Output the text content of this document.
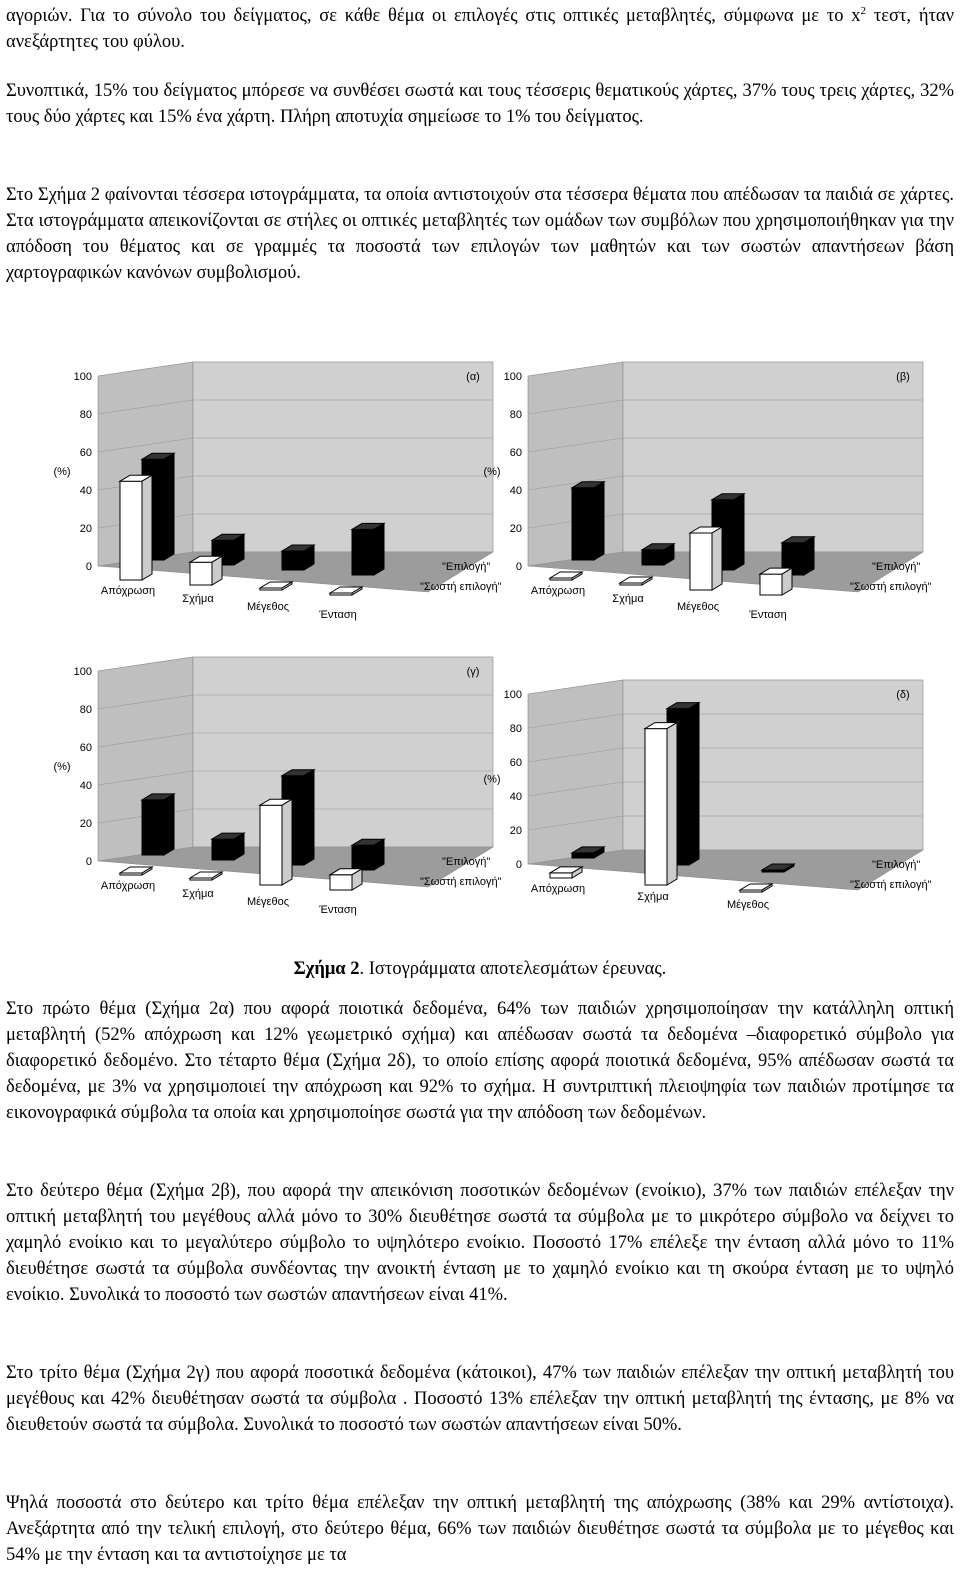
αγοριών. Για το σύνολο του δείγματος, σε κάθε θέμα οι επιλογές στις οπτικές μεταβλητές, σύμφωνα με το $x^2$ τεστ, ήταν ανεξάρτητες του φύλου.

Συνοπτικά, 15% του δείγματος μπόρεσε να συνθέσει σωστά και τους τέσσερις θεματικούς χάρτες, 37% τους τρεις χάρτες, 32% τους δύο χάρτες και 15% ένα χάρτη. Πλήρη αποτυχία σημείωσε το 1% του δείγματος.

Στο Σχήμα 2 φαίνονται τέσσερα ιστογράμματα, τα οποία αντιστοιχούν στα τέσσερα θέματα που απέδωσαν τα παιδιά σε χάρτες. Στα ιστογράμματα απεικονίζονται σε στήλες οι οπτικές μεταβλητές των ομάδων των συμβόλων που χρησιμοποιήθηκαν για την απόδοση του θέματος και σε γραμμές τα ποσοστά των επιλογών των μαθητών και των σωστών απαντήσεων βάση χαρτογραφικών κανόνων συμβολισμού.

100
80
60
40
20
0
(%)
(α)
Απόχρωση
Σχήμα
Μέγεθος
Ένταση
"Επιλογή"
"Σωστή επιλογή"
100
80
60
40
20
0
(%)
(β)
Απόχρωση
Σχήμα
Μέγεθος
Ένταση
"Επιλογή"
"Σωστή επιλογή"
100
80
60
40
20
0
(%)
(γ)
Απόχρωση
Σχήμα
Μέγεθος
Ένταση
"Επιλογή"
"Σωστή επιλογή"
100
80
60
40
20
0
(%)
(δ)
Απόχρωση
Σχήμα
Μέγεθος
"Επιλογή"
"Σωστή επιλογή"
Σχήμα 2. Ιστογράμματα αποτελεσμάτων έρευνας.

Στο πρώτο θέμα (Σχήμα 2α) που αφορά ποιοτικά δεδομένα, 64% των παιδιών χρησιμοποίησαν την κατάλληλη οπτική μεταβλητή (52% απόχρωση και 12% γεωμετρικό σχήμα) και απέδωσαν σωστά τα δεδομένα –διαφορετικό σύμβολο για διαφορετικό δεδομένο. Στο τέταρτο θέμα (Σχήμα 2δ), το οποίο επίσης αφορά ποιοτικά δεδομένα, 95% απέδωσαν σωστά τα δεδομένα, με 3% να χρησιμοποιεί την απόχρωση και 92% το σχήμα. Η συντριπτική πλειοψηφία των παιδιών προτίμησε τα εικονογραφικά σύμβολα τα οποία και χρησιμοποίησε σωστά για την απόδοση των δεδομένων.

Στο δεύτερο θέμα (Σχήμα 2β), που αφορά την απεικόνιση ποσοτικών δεδομένων (ενοίκιο), 37% των παιδιών επέλεξαν την οπτική μεταβλητή του μεγέθους αλλά μόνο το 30% διευθέτησε σωστά τα σύμβολα με το μικρότερο σύμβολο να δείχνει το χαμηλό ενοίκιο και το μεγαλύτερο σύμβολο το υψηλότερο ενοίκιο. Ποσοστό 17% επέλεξε την ένταση αλλά μόνο το 11% διευθέτησε σωστά τα σύμβολα συνδέοντας την ανοικτή ένταση με το χαμηλό ενοίκιο και τη σκούρα ένταση με το υψηλό ενοίκιο. Συνολικά το ποσοστό των σωστών απαντήσεων είναι 41%.

Στο τρίτο θέμα (Σχήμα 2γ) που αφορά ποσοτικά δεδομένα (κάτοικοι), 47% των παιδιών επέλεξαν την οπτική μεταβλητή του μεγέθους και 42% διευθέτησαν σωστά τα σύμβολα . Ποσοστό 13% επέλεξαν την οπτική μεταβλητή της έντασης, με 8% να διευθετούν σωστά τα σύμβολα. Συνολικά το ποσοστό των σωστών απαντήσεων είναι 50%.

Ψηλά ποσοστά στο δεύτερο και τρίτο θέμα επέλεξαν την οπτική μεταβλητή της απόχρωσης (38% και 29% αντίστοιχα). Ανεξάρτητα από την τελική επιλογή, στο δεύτερο θέμα, 66% των παιδιών διευθέτησε σωστά τα σύμβολα με το μέγεθος και 54% με την ένταση και τα αντιστοίχησε με τα
